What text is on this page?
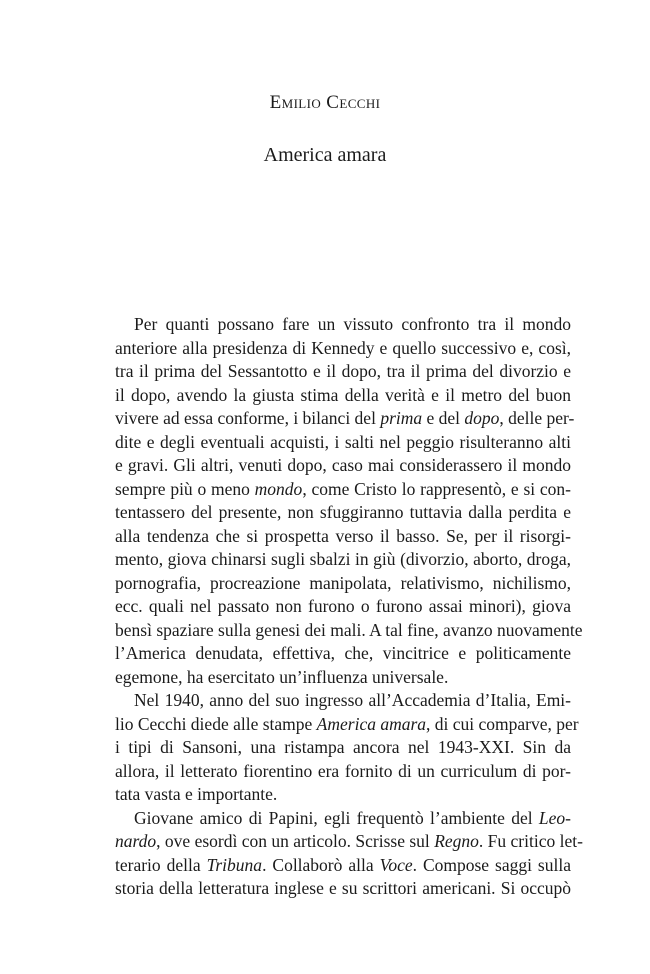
Emilio Cecchi
America amara
Per quanti possano fare un vissuto confronto tra il mondo
anteriore alla presidenza di Kennedy e quello successivo e, così,
tra il prima del Sessantotto e il dopo, tra il prima del divorzio e
il dopo, avendo la giusta stima della verità e il metro del buon
vivere ad essa conforme, i bilanci del prima e del dopo, delle per-
dite e degli eventuali acquisti, i salti nel peggio risulteranno alti
e gravi. Gli altri, venuti dopo, caso mai considerassero il mondo
sempre più o meno mondo, come Cristo lo rappresentò, e si con-
tentassero del presente, non sfuggiranno tuttavia dalla perdita e
alla tendenza che si prospetta verso il basso. Se, per il risorgi-
mento, giova chinarsi sugli sbalzi in giù (divorzio, aborto, droga,
pornografia, procreazione manipolata, relativismo, nichilismo,
ecc. quali nel passato non furono o furono assai minori), giova
bensì spaziare sulla genesi dei mali. A tal fine, avanzo nuovamente
l’America denudata, effettiva, che, vincitrice e politicamente
egemone, ha esercitato un’influenza universale.
Nel 1940, anno del suo ingresso all’Accademia d’Italia, Emi-
lio Cecchi diede alle stampe America amara, di cui comparve, per
i tipi di Sansoni, una ristampa ancora nel 1943-XXI. Sin da
allora, il letterato fiorentino era fornito di un curriculum di por-
tata vasta e importante.
Giovane amico di Papini, egli frequentò l’ambiente del Leo-
nardo, ove esordì con un articolo. Scrisse sul Regno. Fu critico let-
terario della Tribuna. Collaborò alla Voce. Compose saggi sulla
storia della letteratura inglese e su scrittori americani. Si occupò
